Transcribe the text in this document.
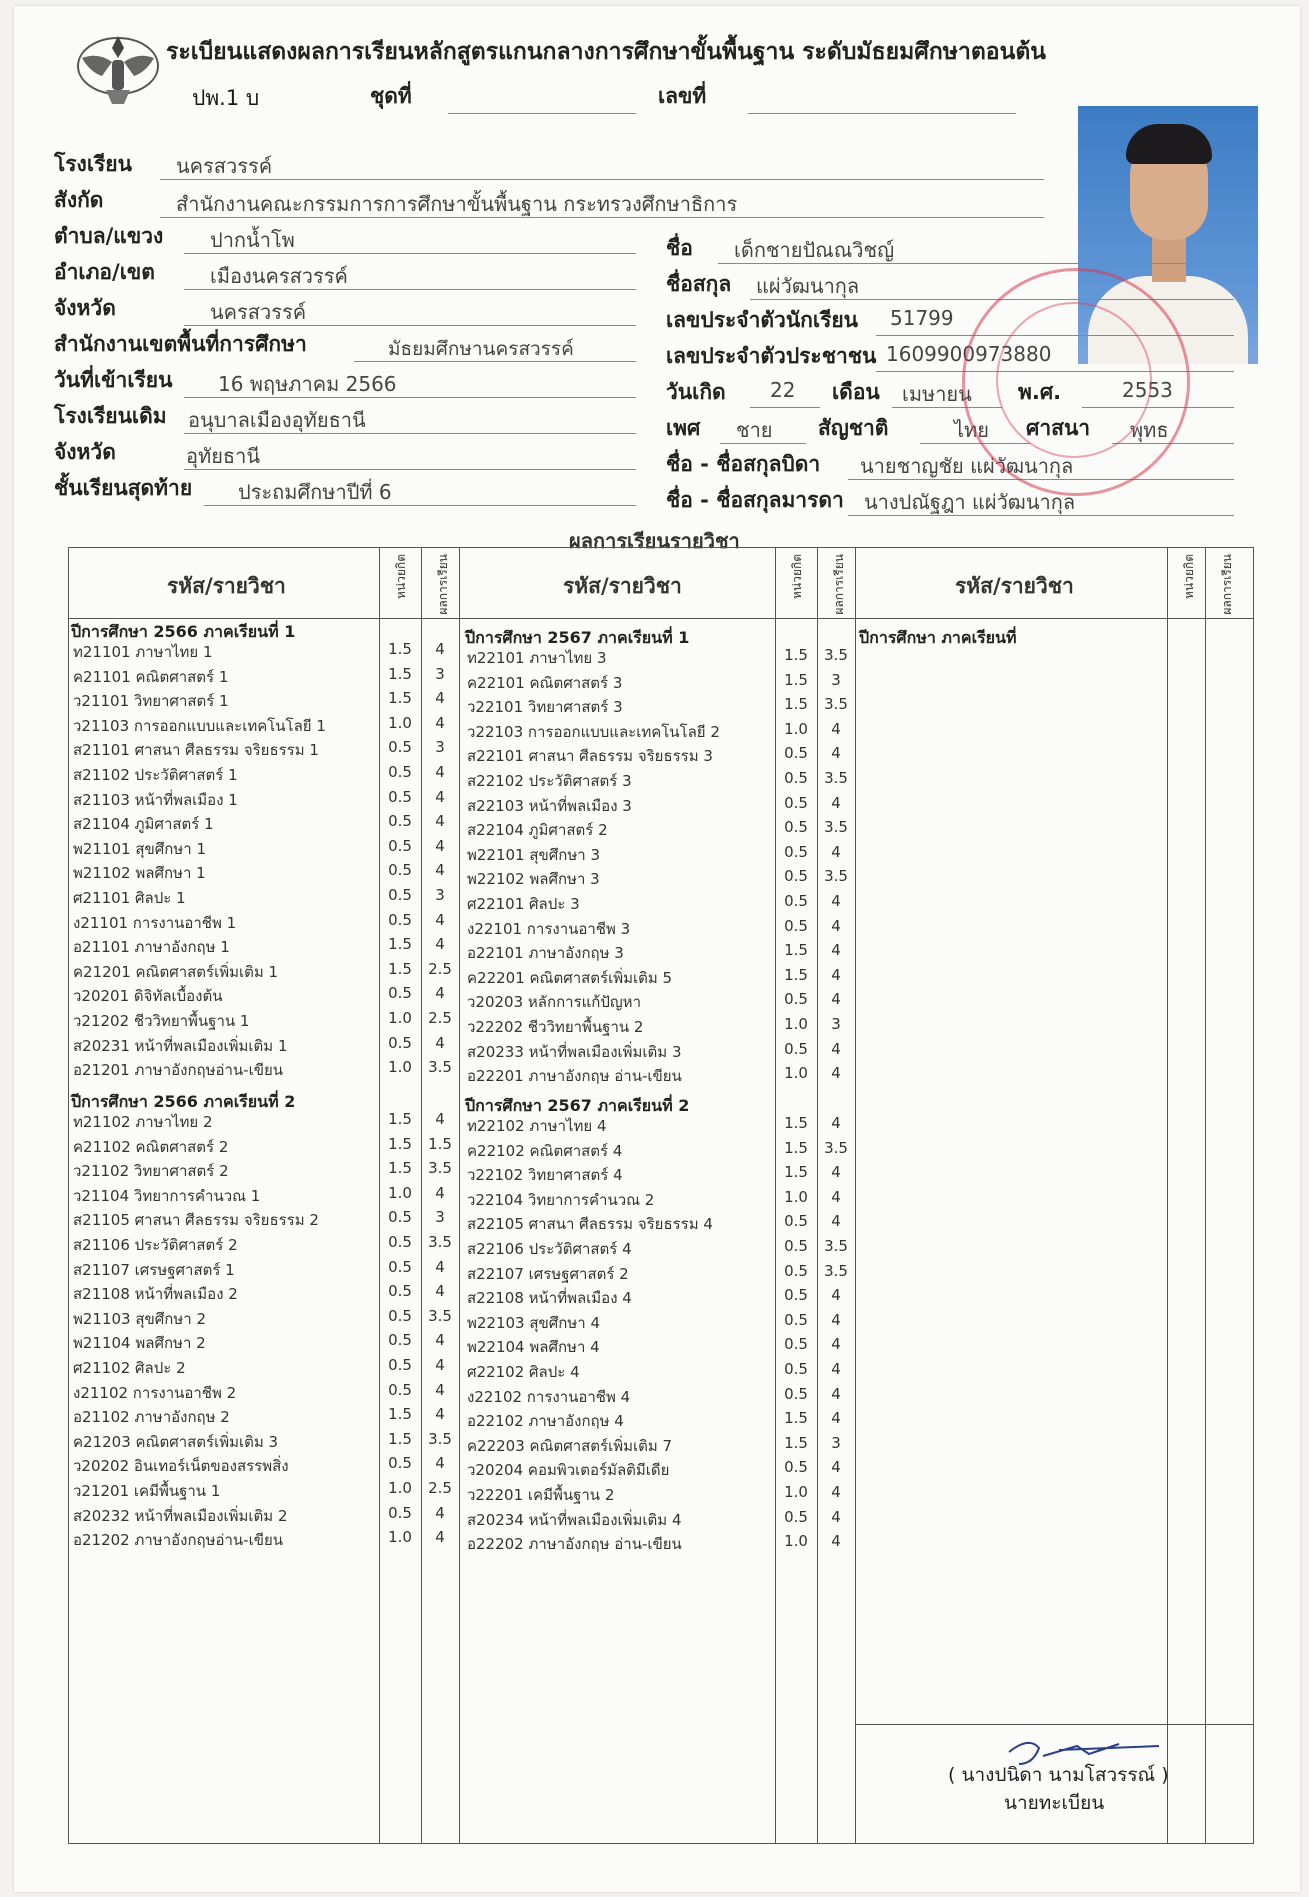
ระเบียนแสดงผลการเรียนหลักสูตรแกนกลางการศึกษาขั้นพื้นฐาน ระดับมัธยมศึกษาตอนต้น
ปพ.1 บ	ชุดที่	เลขที่
โรงเรียน นครสวรรค์
สังกัด	สำนักงานคณะกรรมการการศึกษาขั้นพื้นฐาน กระทรวงศึกษาธิการ
ตำบล/แขวง ปากน้ำโพ
อำเภอ/เขต	เมืองนครสวรรค์
จังหวัด	นครสวรรค์
สำนักงานเขตพื้นที่การศึกษา	มัธยมศึกษานครสวรรค์
วันที่เข้าเรียน 16 พฤษภาคม 2566
โรงเรียนเดิม อนุบาลเมืองอุทัยธานี
จังหวัด	อุทัยธานี
ชั้นเรียนสุดท้าย ประถมศึกษาปีที่ 6
ชื่อ เด็กชายปัณณวิชญ์
ชื่อสกุล แผ่วัฒนากุล
เลขประจำตัวนักเรียน 51799
เลขประจำตัวประชาชน 1609900973880
วันเกิด 22 เดือน เมษายน พ.ศ.	2553
เพศ ชาย สัญชาติ	ไทย ศาสนา พุทธ
ชื่อ - ชื่อสกุลบิดา นายชาญชัย แผ่วัฒนากุล
ชื่อ - ชื่อสกุลมารดา นางปณัฐฎา แผ่วัฒนากุล
ผลการเรียนรายวิชา
รหัส/รายวิชา	หน่วยกิต ผลการเรียน	รหัส/รายวิชา	หน่วยกิต ผลการเรียน	รหัส/รายวิชา	หน่วยกิต ผลการเรียน
ปีการศึกษา 2566 ภาคเรียนที่ 1
ปีการศึกษา 2566 ภาคเรียนที่ 2
ปีการศึกษา 2567 ภาคเรียนที่ 1
ปีการศึกษา 2567 ภาคเรียนที่ 2
ปีการศึกษา ภาคเรียนที่
ท21101 ภาษาไทย 1	1.5	4
ค21101 คณิตศาสตร์ 1	1.5	3
ว21101 วิทยาศาสตร์ 1	1.5	4
ว21103 การออกแบบและเทคโนโลยี 1	1.0	4
ส21101 ศาสนา ศีลธรรม จริยธรรม 1	0.5	3
ส21102 ประวัติศาสตร์ 1	0.5	4
ส21103 หน้าที่พลเมือง 1	0.5	4
ส21104 ภูมิศาสตร์ 1	0.5	4
พ21101 สุขศึกษา 1	0.5	4
พ21102 พลศึกษา 1	0.5	4
ศ21101 ศิลปะ 1	0.5	3
ง21101 การงานอาชีพ 1	0.5	4
อ21101 ภาษาอังกฤษ 1	1.5	4
ค21201 คณิตศาสตร์เพิ่มเติม 1	1.5	2.5
ว20201 ดิจิทัลเบื้องต้น	0.5	4
ว21202 ชีววิทยาพื้นฐาน 1	1.0	2.5
ส20231 หน้าที่พลเมืองเพิ่มเติม 1	0.5	4
อ21201 ภาษาอังกฤษอ่าน-เขียน	1.0	3.5
ท21102 ภาษาไทย 2	1.5	4
ค21102 คณิตศาสตร์ 2	1.5	1.5
ว21102 วิทยาศาสตร์ 2	1.5	3.5
ว21104 วิทยาการคำนวณ 1	1.0	4
ส21105 ศาสนา ศีลธรรม จริยธรรม 2	0.5	3
ส21106 ประวัติศาสตร์ 2	0.5	3.5
ส21107 เศรษฐศาสตร์ 1	0.5	4
ส21108 หน้าที่พลเมือง 2	0.5	4
พ21103 สุขศึกษา 2	0.5	3.5
พ21104 พลศึกษา 2	0.5	4
ศ21102 ศิลปะ 2	0.5	4
ง21102 การงานอาชีพ 2	0.5	4
อ21102 ภาษาอังกฤษ 2	1.5	4
ค21203 คณิตศาสตร์เพิ่มเติม 3	1.5	3.5
ว20202 อินเทอร์เน็ตของสรรพสิ่ง	0.5	4
ว21201 เคมีพื้นฐาน 1	1.0	2.5
ส20232 หน้าที่พลเมืองเพิ่มเติม 2	0.5	4
อ21202 ภาษาอังกฤษอ่าน-เขียน	1.0	4
ท22101 ภาษาไทย 3	1.5	3.5
ค22101 คณิตศาสตร์ 3	1.5	3
ว22101 วิทยาศาสตร์ 3	1.5	3.5
ว22103 การออกแบบและเทคโนโลยี 2	1.0	4
ส22101 ศาสนา ศีลธรรม จริยธรรม 3	0.5	4
ส22102 ประวัติศาสตร์ 3	0.5	3.5
ส22103 หน้าที่พลเมือง 3	0.5	4
ส22104 ภูมิศาสตร์ 2	0.5	3.5
พ22101 สุขศึกษา 3	0.5	4
พ22102 พลศึกษา 3	0.5	3.5
ศ22101 ศิลปะ 3	0.5	4
ง22101 การงานอาชีพ 3	0.5	4
อ22101 ภาษาอังกฤษ 3	1.5	4
ค22201 คณิตศาสตร์เพิ่มเติม 5	1.5	4
ว20203 หลักการแก้ปัญหา	0.5	4
ว22202 ชีววิทยาพื้นฐาน 2	1.0	3
ส20233 หน้าที่พลเมืองเพิ่มเติม 3	0.5	4
อ22201 ภาษาอังกฤษ อ่าน-เขียน	1.0	4
ท22102 ภาษาไทย 4	1.5	4
ค22102 คณิตศาสตร์ 4	1.5	3.5
ว22102 วิทยาศาสตร์ 4	1.5	4
ว22104 วิทยาการคำนวณ 2	1.0	4
ส22105 ศาสนา ศีลธรรม จริยธรรม 4	0.5	4
ส22106 ประวัติศาสตร์ 4	0.5	3.5
ส22107 เศรษฐศาสตร์ 2	0.5	3.5
ส22108 หน้าที่พลเมือง 4	0.5	4
พ22103 สุขศึกษา 4	0.5	4
พ22104 พลศึกษา 4	0.5	4
ศ22102 ศิลปะ 4	0.5	4
ง22102 การงานอาชีพ 4	0.5	4
อ22102 ภาษาอังกฤษ 4	1.5	4
ค22203 คณิตศาสตร์เพิ่มเติม 7	1.5	3
ว20204 คอมพิวเตอร์มัลติมีเดีย	0.5	4
ว22201 เคมีพื้นฐาน 2	1.0	4
ส20234 หน้าที่พลเมืองเพิ่มเติม 4	0.5	4
อ22202 ภาษาอังกฤษ อ่าน-เขียน	1.0	4
( นางปนิดา นามโสวรรณ์ )
นายทะเบียน
